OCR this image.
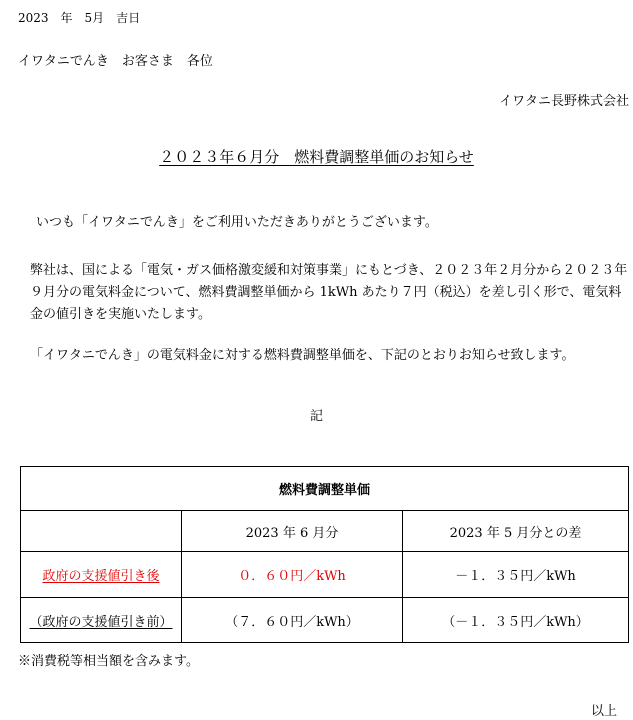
2023　年　5月　吉日
イワタニでんき　お客さま　各位
イワタニ長野株式会社
２０２３年６月分　燃料費調整単価のお知らせ
いつも「イワタニでんき」をご利用いただきありがとうございます。
弊社は、国による「電気・ガス価格激変緩和対策事業」にもとづき、２０２３年２月分から２０２３年９月分の電気料金について、燃料費調整単価から 1kWh あたり７円（税込）を差し引く形で、電気料金の値引きを実施いたします。
「イワタニでんき」の電気料金に対する燃料費調整単価を、下記のとおりお知らせ致します。
記
燃料費調整単価		
	2023 年 6 月分	2023 年 5 月分との差
政府の支援値引き後	０．６０円／kWh	－１．３５円／kWh
（政府の支援値引き前）	（７．６０円／kWh）	（－１．３５円／kWh）
※消費税等相当額を含みます。
以上
